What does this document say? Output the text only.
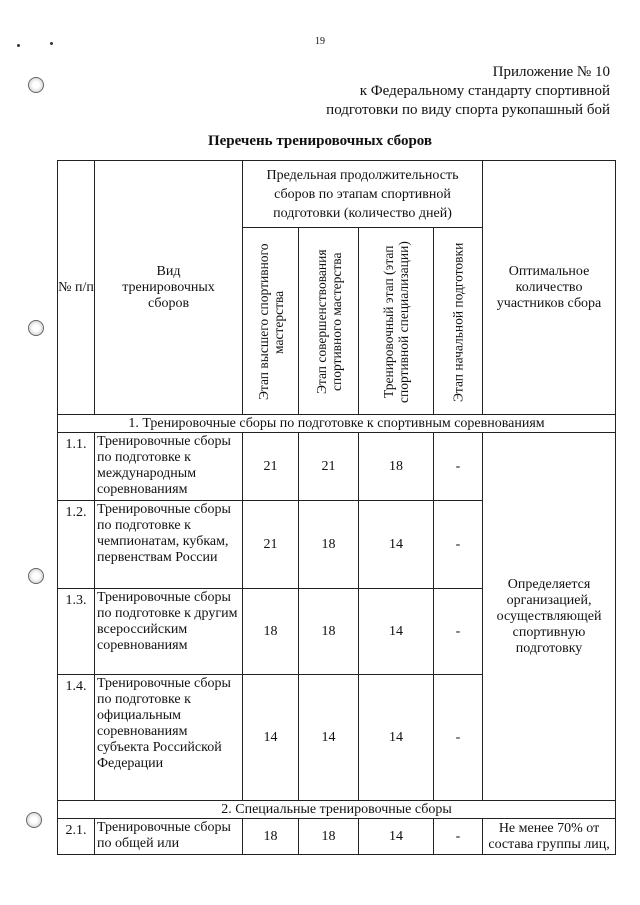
19
Приложение № 10
к Федеральному стандарту спортивной
подготовки по виду спорта рукопашный бой
Перечень тренировочных сборов
№ п/п	Вид тренировочных сборов	Предельная продолжительность сборов по этапам спортивной подготовки (количество дней)				Оптимальное количество участников сбора

		Этап высшего спортивного мастерства	Этап совершенствования спортивного мастерства	Тренировочный этап (этап спортивной специализации)	Этап начальной подготовки	

1. Тренировочные сборы по подготовке к спортивным соревнованиям						
1.1.	Тренировочные сборы по подготовке к международным соревнованиям	21	21	18	-	Определяется организацией, осуществляющей спортивную подготовку
1.2.	Тренировочные сборы по подготовке к чемпионатам, кубкам, первенствам России	21	18	14	-	
1.3.	Тренировочные сборы по подготовке к другим всероссийским соревнованиям	18	18	14	-	
1.4.	Тренировочные сборы по подготовке к официальным соревнованиям субъекта Российской Федерации	14	14	14	-	
2. Специальные тренировочные сборы						
2.1.	Тренировочные сборы по общей или	18	18	14	-	Не менее 70% от состава группы лиц,
